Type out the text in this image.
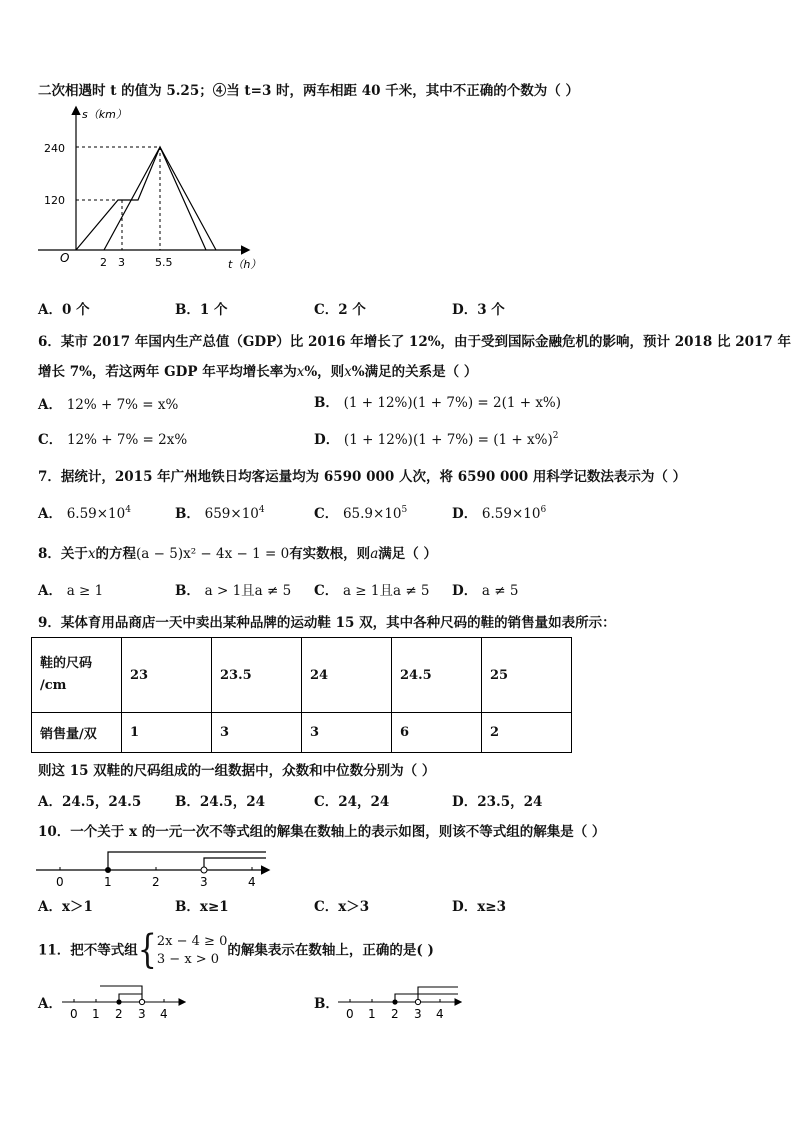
二次相遇时 t 的值为 5.25；④当 t=3 时，两车相距 40 千米，其中不正确的个数为（ ）
s（km）
t（h）
O
240
120
2 3	5.5
A．0 个	B．1 个	C．2 个	D．3 个
6．某市 2017 年国内生产总值（GDP）比 2016 年增长了 12%，由于受到国际金融危机的影响，预计 2018 比 2017 年
增长 7%，若这两年 GDP 年平均增长率为x%，则x%满足的关系是（ ）
A． 12% + 7% = x%	B． (1 + 12%)(1 + 7%) = 2(1 + x%)
C． 12% + 7% = 2x%	D． $(1 + 12\%)(1 + 7\%) = (1 + x\%)^2$
7．据统计，2015 年广州地铁日均客运量均为 6590 000 人次，将 6590 000 用科学记数法表示为（ ）
A． $6.59\times 10^4$	B． $659\times 10^4$	C． $65.9\times 10^5$	D． $6.59\times 10^6$
8．关于x的方程(a − 5)x² − 4x − 1 = 0有实数根，则a满足（ ）
A． a ≥ 1	B． a > 1且a ≠ 5 C． a ≥ 1且a ≠ 5 D． a ≠ 5
9．某体育用品商店一天中卖出某种品牌的运动鞋 15 双，其中各种尺码的鞋的销售量如表所示：
鞋的尺码
/cm	23	23.5	24	24.5	25
销售量/双	1	3	3	6	2
则这 15 双鞋的尺码组成的一组数据中，众数和中位数分别为（ ）
A．24.5，24.5	B．24.5，24	C．24，24	D．23.5，24
10．一个关于 x 的一元一次不等式组的解集在数轴上的表示如图，则该不等式组的解集是（ ）
0	1	2	3	4
A．x＞1	B．x≥1	C．x＞3	D．x≥3
11．把不等式组{ 2x − 4 ≥ 0
3 − x > 0
的解集表示在数轴上，正确的是( )
A．
0 1 2 3 4
B．
0 1 2 3 4
